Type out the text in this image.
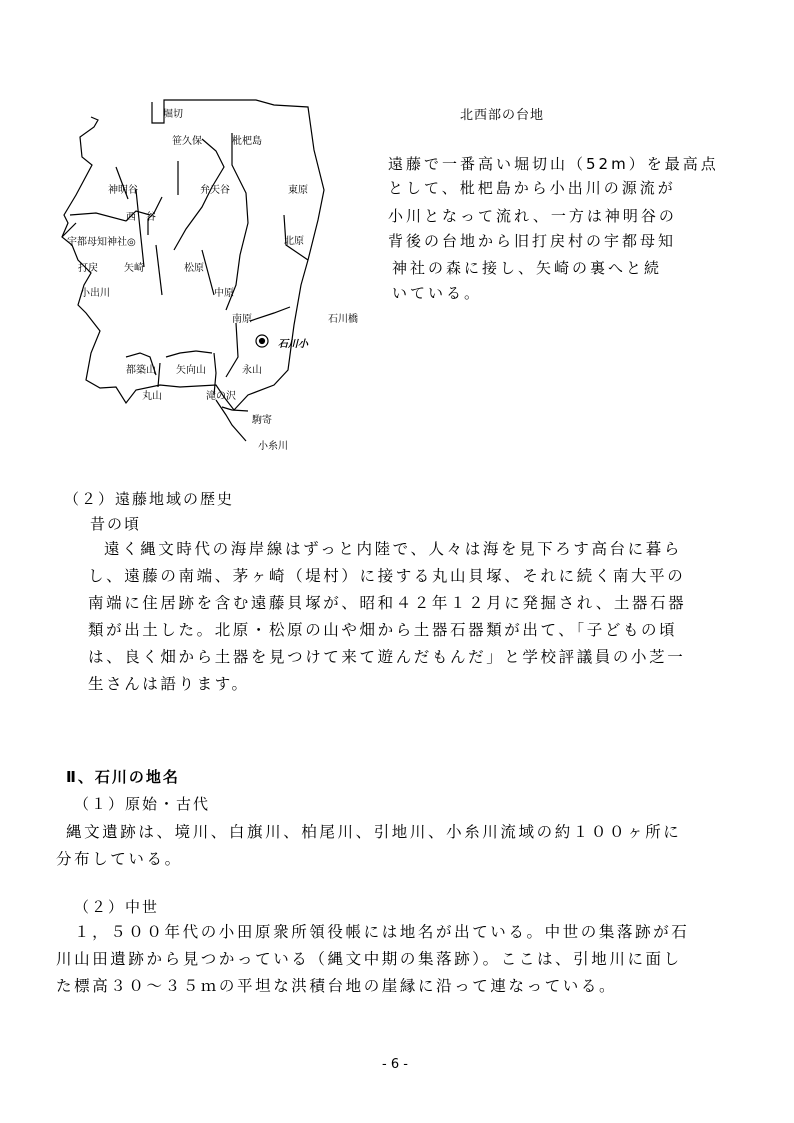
堀切
笹久保	枇杷島
神明谷	弁天谷	東原
西　谷
宇都母知神社◎	北原
打戻	矢崎	松原
小出川	中原
南原	石川橋
石川小
都築山 矢向山	永山
丸山	滝の沢
駒寄
小糸川
北西部の台地
遠藤で一番高い堀切山（52m）を最高点
として、枇杷島から小出川の源流が
小川となって流れ、一方は神明谷の
背後の台地から旧打戻村の宇都母知
神社の森に接し、矢崎の裏へと続
いている。
（２）遠藤地域の歴史
昔の頃
遠く縄文時代の海岸線はずっと内陸で、人々は海を見下ろす高台に暮ら
し、遠藤の南端、茅ヶ崎（堤村）に接する丸山貝塚、それに続く南大平の
南端に住居跡を含む遠藤貝塚が、昭和４２年１２月に発掘され、土器石器
類が出土した。北原・松原の山や畑から土器石器類が出て、「子どもの頃
は、良く畑から土器を見つけて来て遊んだもんだ」と学校評議員の小芝一
生さんは語ります。
Ⅱ、石川の地名
（１）原始・古代
縄文遺跡は、境川、白旗川、柏尾川、引地川、小糸川流域の約１００ヶ所に
分布している。
（２）中世
１，５００年代の小田原衆所領役帳には地名が出ている。中世の集落跡が石
川山田遺跡から見つかっている（縄文中期の集落跡）。ここは、引地川に面し
た標高３０～３５ｍの平坦な洪積台地の崖縁に沿って連なっている。
- 6 -
